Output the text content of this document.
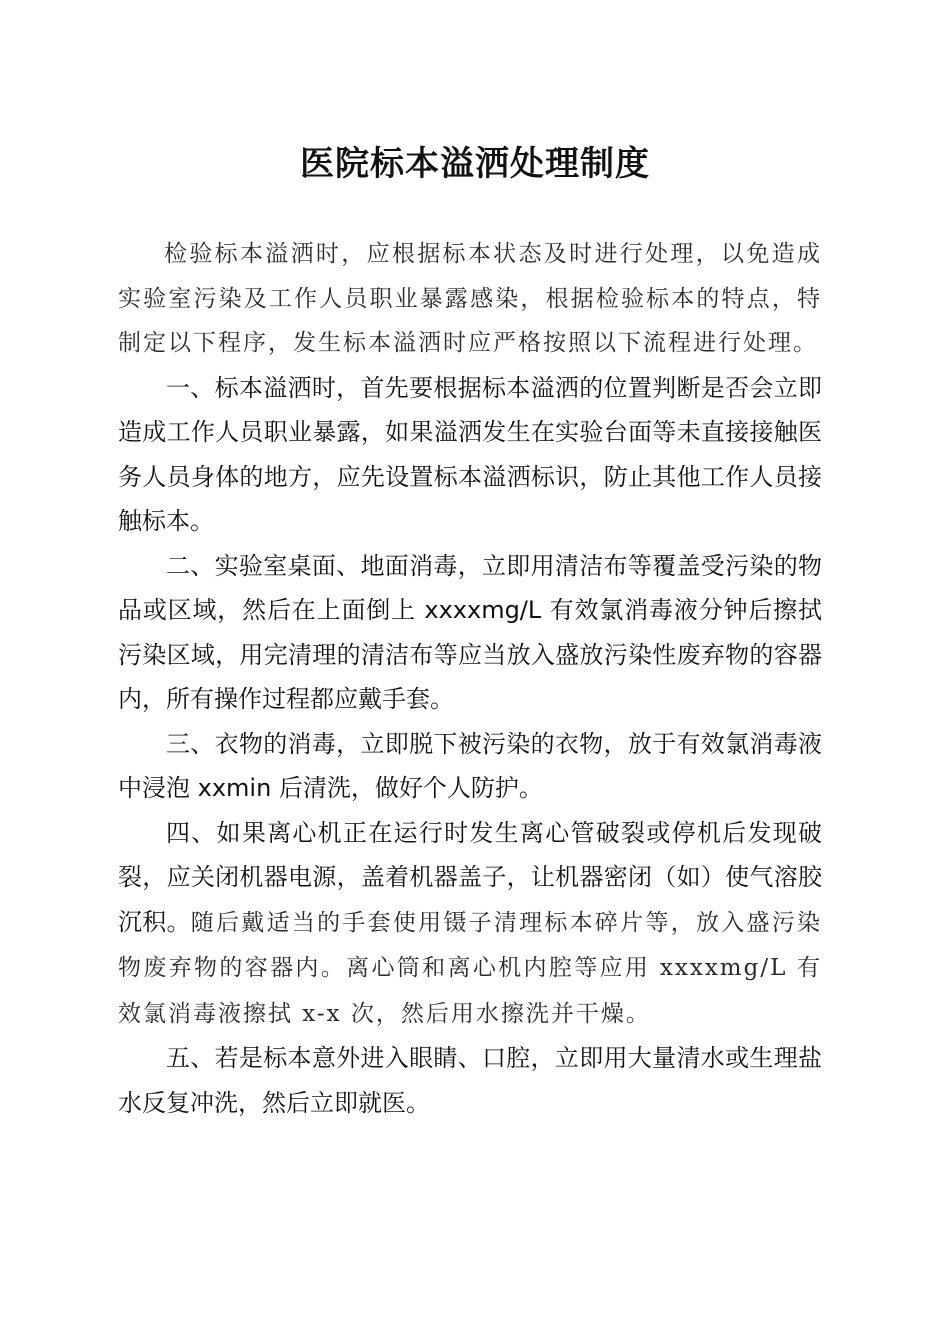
医院标本溢洒处理制度

检验标本溢洒时，应根据标本状态及时进行处理，以免造成实验室污染及工作人员职业暴露感染，根据检验标本的特点，特制定以下程序，发生标本溢洒时应严格按照以下流程进行处理。

一、标本溢洒时，首先要根据标本溢洒的位置判断是否会立即造成工作人员职业暴露，如果溢洒发生在实验台面等未直接接触医务人员身体的地方，应先设置标本溢洒标识，防止其他工作人员接触标本。

二、实验室桌面、地面消毒，立即用清洁布等覆盖受污染的物品或区域，然后在上面倒上 xxxxmg/L 有效氯消毒液分钟后擦拭污染区域，用完清理的清洁布等应当放入盛放污染性废弃物的容器内，所有操作过程都应戴手套。

三、衣物的消毒，立即脱下被污染的衣物，放于有效氯消毒液中浸泡 xxmin 后清洗，做好个人防护。

四、如果离心机正在运行时发生离心管破裂或停机后发现破裂，应关闭机器电源，盖着机器盖子，让机器密闭（如）使气溶胶沉积。随后戴适当的手套使用镊子清理标本碎片等，放入盛污染物废弃物的容器内。离心筒和离心机内腔等应用 xxxxmg/L 有效氯消毒液擦拭 x-x 次，然后用水擦洗并干燥。

五、若是标本意外进入眼睛、口腔，立即用大量清水或生理盐水反复冲洗，然后立即就医。
